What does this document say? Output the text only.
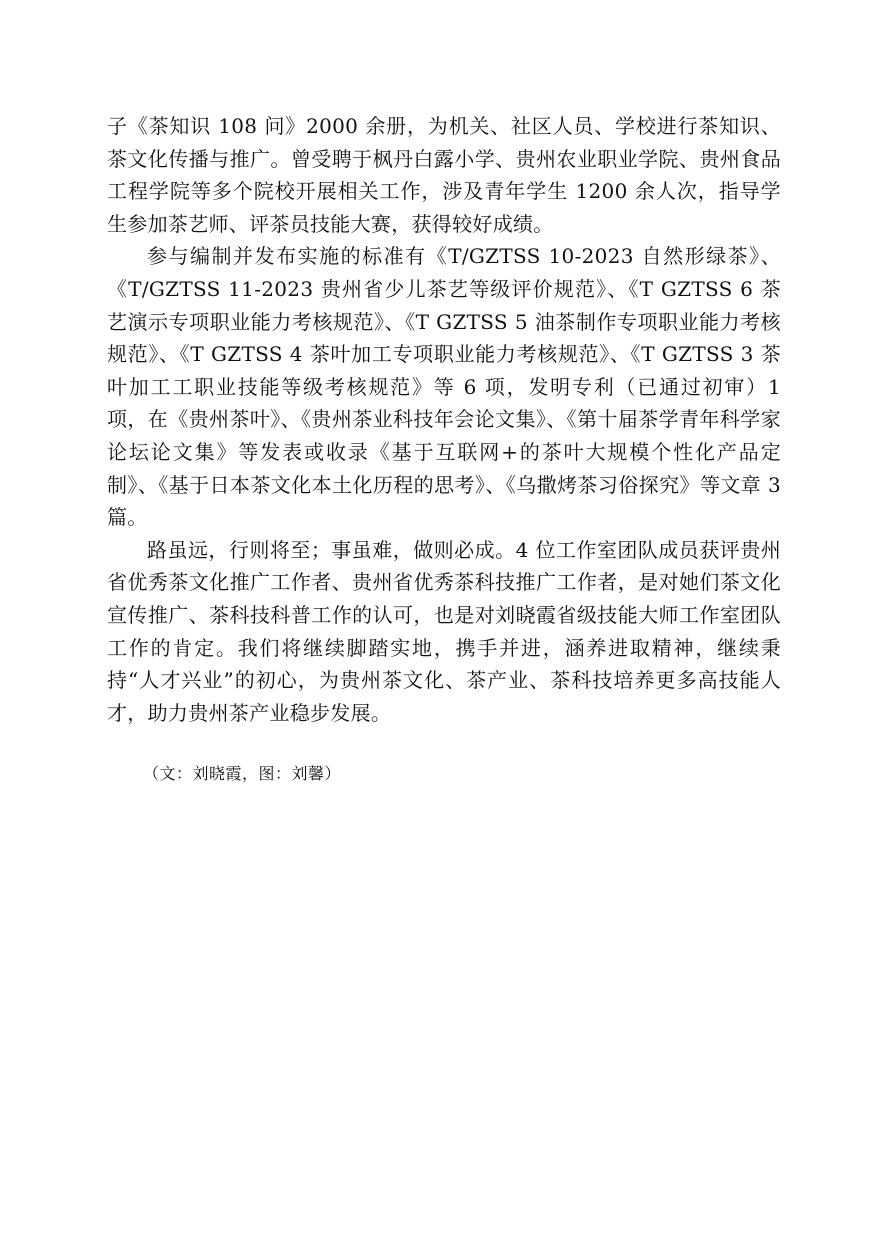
子《茶知识 108 问》2000 余册，为机关、社区人员、学校进行茶知识、茶文化传播与推广。曾受聘于枫丹白露小学、贵州农业职业学院、贵州食品工程学院等多个院校开展相关工作，涉及青年学生 1200 余人次，指导学生参加茶艺师、评茶员技能大赛，获得较好成绩。

参与编制并发布实施的标准有《T/GZTSS 10-2023 自然形绿茶》、《T/GZTSS 11-2023 贵州省少儿茶艺等级评价规范》、《T GZTSS 6 茶艺演示专项职业能力考核规范》、《T GZTSS 5 油茶制作专项职业能力考核规范》、《T GZTSS 4 茶叶加工专项职业能力考核规范》、《T GZTSS 3 茶叶加工工职业技能等级考核规范》等 6 项，发明专利（已通过初审）1 项，在《贵州茶叶》、《贵州茶业科技年会论文集》、《第十届茶学青年科学家论坛论文集》等发表或收录《基于互联网+的茶叶大规模个性化产品定制》、《基于日本茶文化本土化历程的思考》、《乌撒烤茶习俗探究》等文章 3 篇。

路虽远，行则将至；事虽难，做则必成。4 位工作室团队成员获评贵州省优秀茶文化推广工作者、贵州省优秀茶科技推广工作者，是对她们茶文化宣传推广、茶科技科普工作的认可，也是对刘晓霞省级技能大师工作室团队工作的肯定。我们将继续脚踏实地，携手并进，涵养进取精神，继续秉持“人才兴业”的初心，为贵州茶文化、茶产业、茶科技培养更多高技能人才，助力贵州茶产业稳步发展。

（文：刘晓霞，图：刘馨）
